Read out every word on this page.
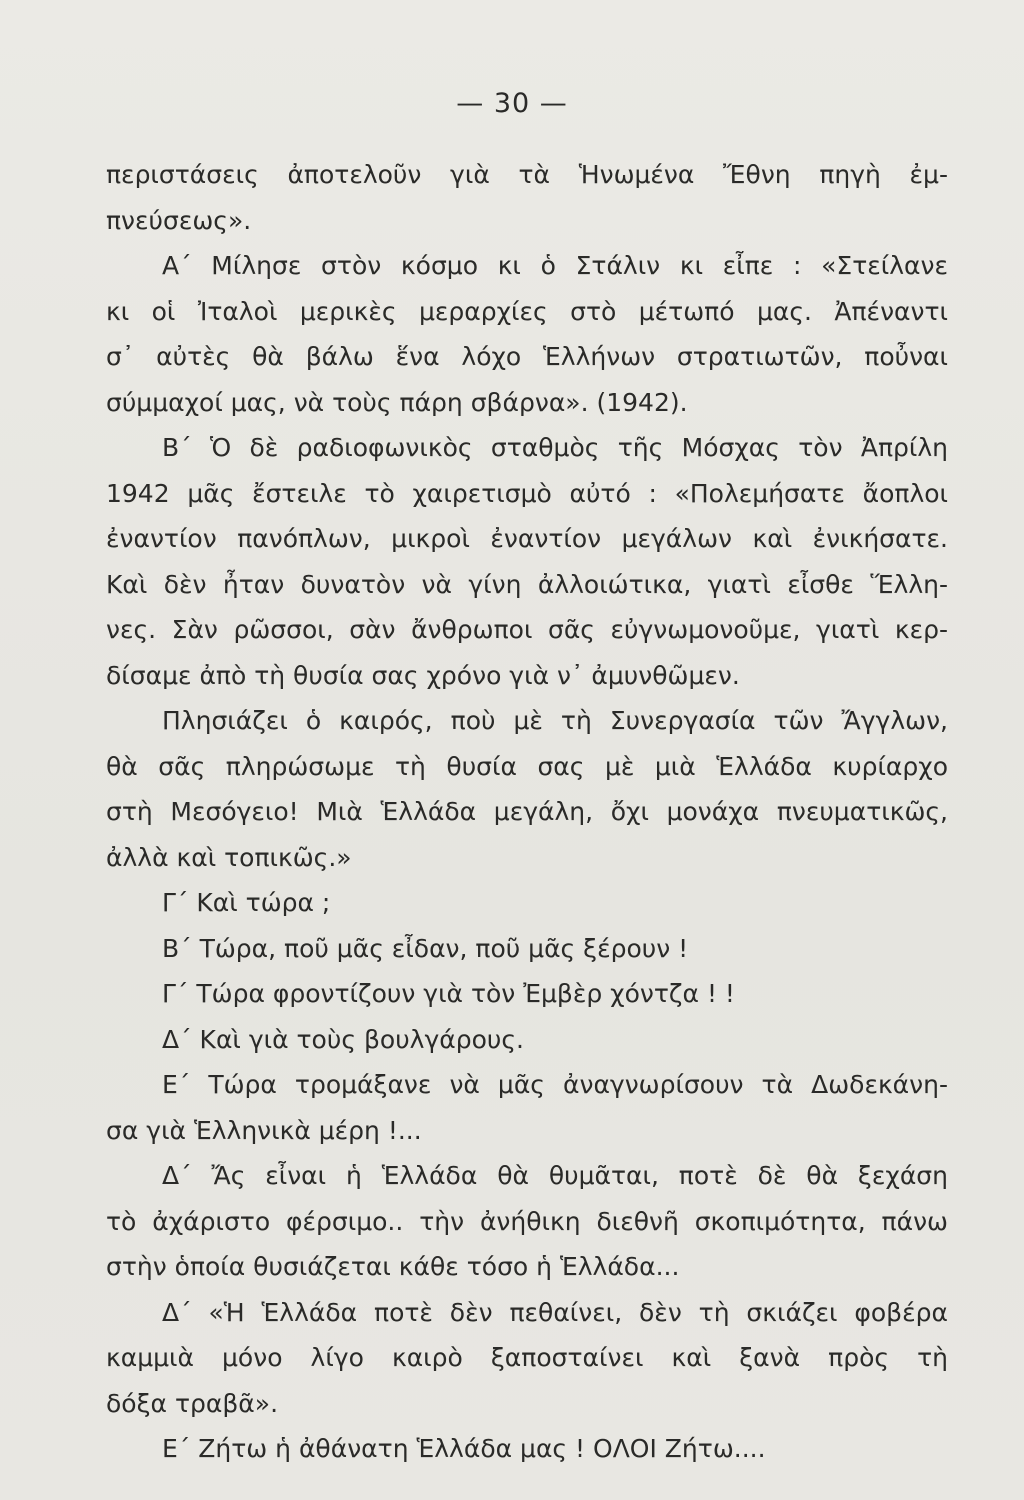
— 30 —
περιστάσεις ἀποτελοῦν γιὰ τὰ Ἡνωμένα Ἔθνη πηγὴ ἐμ-
πνεύσεως».
Α΄ Μίλησε στὸν κόσμο κι ὁ Στάλιν κι εἶπε : «Στείλανε
κι οἱ Ἰταλοὶ μερικὲς μεραρχίες στὸ μέτωπό μας. Ἀπέναντι
σ᾽ αὐτὲς θὰ βάλω ἕνα λόχο Ἑλλήνων στρατιωτῶν, ποὖναι
σύμμαχοί μας, νὰ τοὺς πάρη σβάρνα». (1942).
Β΄ Ὁ δὲ ραδιοφωνικὸς σταθμὸς τῆς Μόσχας τὸν Ἀπρίλη
1942 μᾶς ἔστειλε τὸ χαιρετισμὸ αὐτό : «Πολεμήσατε ἄοπλοι
ἐναντίον πανόπλων, μικροὶ ἐναντίον μεγάλων καὶ ἐνικήσατε.
Καὶ δὲν ἦταν δυνατὸν νὰ γίνη ἀλλοιώτικα, γιατὶ εἶσθε Ἕλλη-
νες. Σὰν ρῶσσοι, σὰν ἄνθρωποι σᾶς εὐγνωμονοῦμε, γιατὶ κερ-
δίσαμε ἀπὸ τὴ θυσία σας χρόνο γιὰ ν᾽ ἀμυνθῶμεν.
Πλησιάζει ὁ καιρός, ποὺ μὲ τὴ Συνεργασία τῶν Ἄγγλων,
θὰ σᾶς πληρώσωμε τὴ θυσία σας μὲ μιὰ Ἑλλάδα κυρίαρχο
στὴ Μεσόγειο! Μιὰ Ἑλλάδα μεγάλη, ὄχι μονάχα πνευματικῶς,
ἀλλὰ καὶ τοπικῶς.»
Γ΄ Καὶ τώρα ;
Β΄ Τώρα, ποῦ μᾶς εἶδαν, ποῦ μᾶς ξέρουν !
Γ΄ Τώρα φροντίζουν γιὰ τὸν Ἐμβὲρ χόντζα ! !
Δ΄ Καὶ γιὰ τοὺς βουλγάρους.
Ε΄ Τώρα τρομάξανε νὰ μᾶς ἀναγνωρίσουν τὰ Δωδεκάνη-
σα γιὰ Ἑλληνικὰ μέρη !...
Δ΄ Ἄς εἶναι ἡ Ἑλλάδα θὰ θυμᾶται, ποτὲ δὲ θὰ ξεχάση
τὸ ἀχάριστο φέρσιμο.. τὴν ἀνήθικη διεθνῆ σκοπιμότητα, πάνω
στὴν ὁποία θυσιάζεται κάθε τόσο ἡ Ἑλλάδα...
Δ΄ «Ἡ Ἑλλάδα ποτὲ δὲν πεθαίνει, δὲν τὴ σκιάζει φοβέρα
καμμιὰ μόνο λίγο καιρὸ ξαποσταίνει καὶ ξανὰ πρὸς τὴ
δόξα τραβᾶ».
Ε΄ Ζήτω ἡ ἀθάνατη Ἑλλάδα μας ! ΟΛΟΙ Ζήτω....
